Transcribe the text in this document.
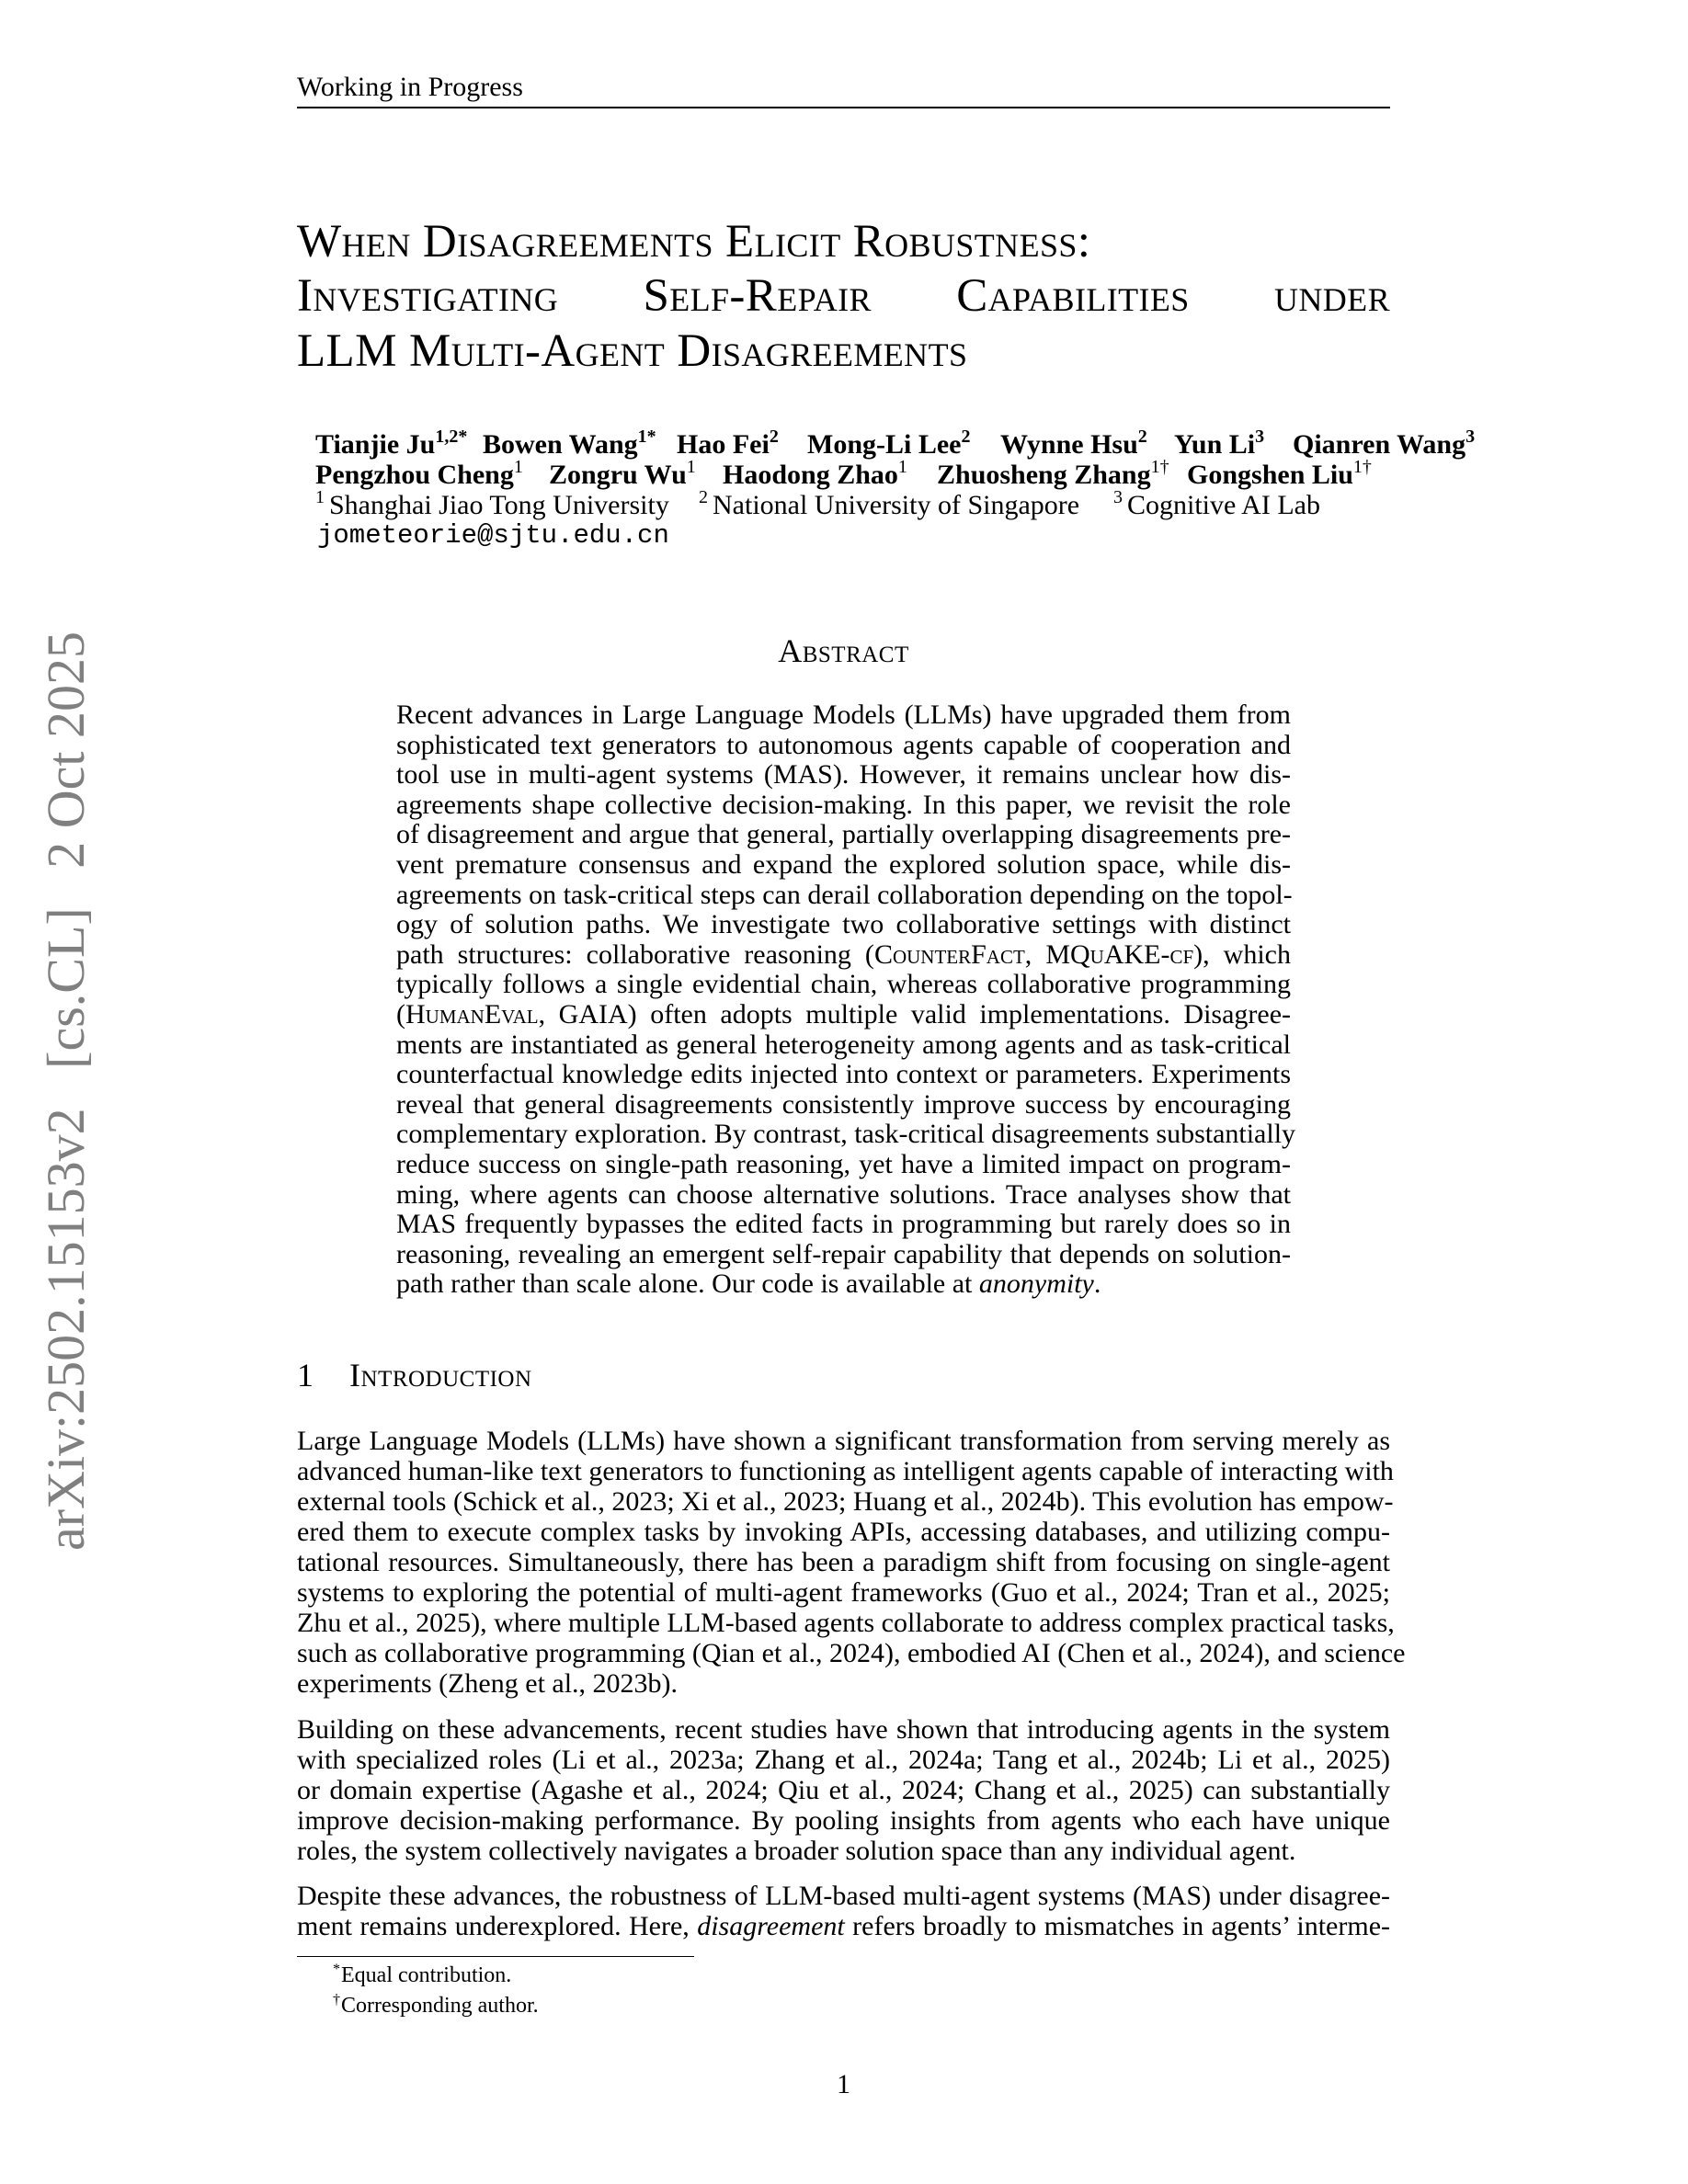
Working in Progress
arXiv:2502.15153v2
[cs.CL]
2 Oct 2025
When Disagreements Elicit Robustness:
Investigating Self-Repair Capabilities under
LLM Multi-Agent Disagreements
Tianjie $Ju^{1,2*}$ Bowen Wang$^{1*}$ Hao Fei$^2$ Mong-Li Lee$^2$ Wynne Hsu$^2$ Yun Li$^3$ Qianren Wang$^3$
Pengzhou Cheng$^1$ Zongru Wu$^1$ Haodong Zhao$^1$ Zhuosheng Zhang$^{1\dagger}$ Gongshen Liu$^{1\dagger}$
$^1$ Shanghai Jiao Tong University $^2$ National University of Singapore $^3$ Cognitive AI Lab
jometeorie@sjtu.edu.cn
Abstract
Recent advances in Large Language Models (LLMs) have upgraded them from
sophisticated text generators to autonomous agents capable of cooperation and
tool use in multi-agent systems (MAS). However, it remains unclear how dis-
agreements shape collective decision-making. In this paper, we revisit the role
of disagreement and argue that general, partially overlapping disagreements pre-
vent premature consensus and expand the explored solution space, while dis-
agreements on task-critical steps can derail collaboration depending on the topol-
ogy of solution paths. We investigate two collaborative settings with distinct
path structures: collaborative reasoning (CounterFact, MQuAKE-cf), which
typically follows a single evidential chain, whereas collaborative programming
(HumanEval, GAIA) often adopts multiple valid implementations. Disagree-
ments are instantiated as general heterogeneity among agents and as task-critical
counterfactual knowledge edits injected into context or parameters. Experiments
reveal that general disagreements consistently improve success by encouraging
complementary exploration. By contrast, task-critical disagreements substantially
reduce success on single-path reasoning, yet have a limited impact on program-
ming, where agents can choose alternative solutions. Trace analyses show that
MAS frequently bypasses the edited facts in programming but rarely does so in
reasoning, revealing an emergent self-repair capability that depends on solution-
path rather than scale alone. Our code is available at anonymity.
1 Introduction
Large Language Models (LLMs) have shown a significant transformation from serving merely as
advanced human-like text generators to functioning as intelligent agents capable of interacting with
external tools (Schick et al., 2023; Xi et al., 2023; Huang et al., 2024b). This evolution has empow-
ered them to execute complex tasks by invoking APIs, accessing databases, and utilizing compu-
tational resources. Simultaneously, there has been a paradigm shift from focusing on single-agent
systems to exploring the potential of multi-agent frameworks (Guo et al., 2024; Tran et al., 2025;
Zhu et al., 2025), where multiple LLM-based agents collaborate to address complex practical tasks,
such as collaborative programming (Qian et al., 2024), embodied AI (Chen et al., 2024), and science
experiments (Zheng et al., 2023b).
Building on these advancements, recent studies have shown that introducing agents in the system
with specialized roles (Li et al., 2023a; Zhang et al., 2024a; Tang et al., 2024b; Li et al., 2025)
or domain expertise (Agashe et al., 2024; Qiu et al., 2024; Chang et al., 2025) can substantially
improve decision-making performance. By pooling insights from agents who each have unique
roles, the system collectively navigates a broader solution space than any individual agent.
Despite these advances, the robustness of LLM-based multi-agent systems (MAS) under disagree-
ment remains underexplored. Here, disagreement refers broadly to mismatches in agents’ interme-
*Equal contribution.
†Corresponding author.
1
